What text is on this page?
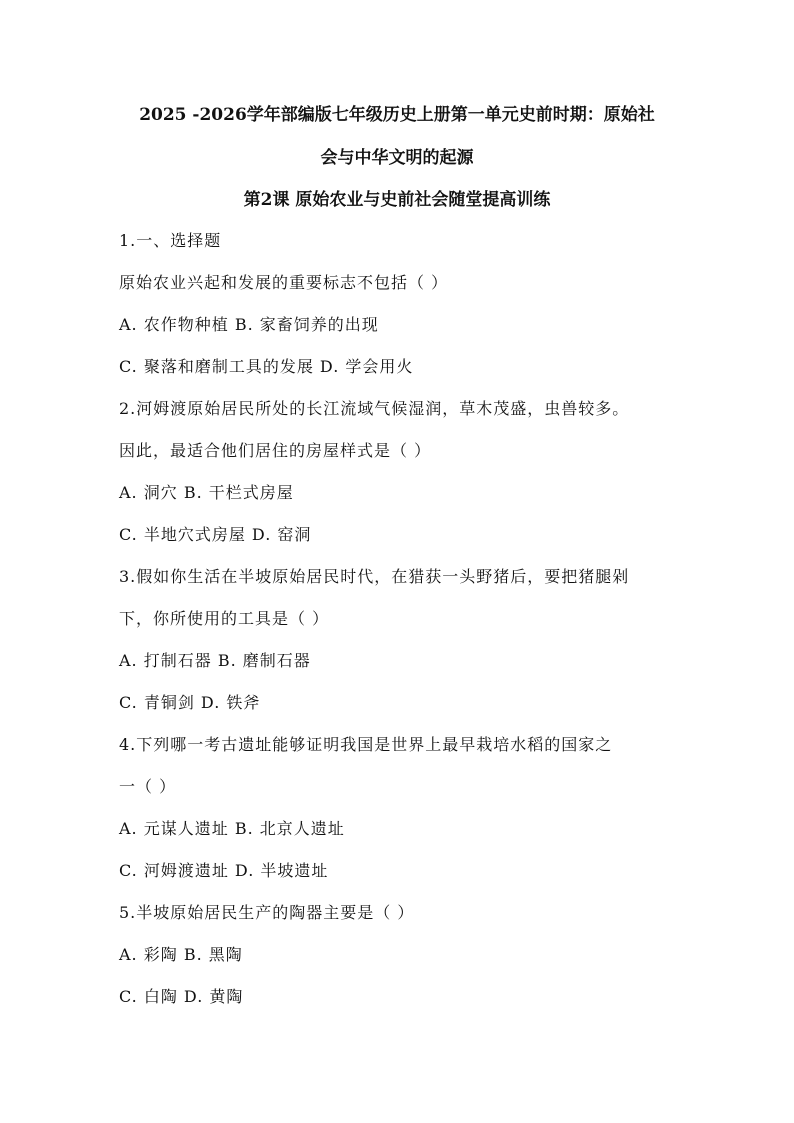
2025 -2026学年部编版七年级历史上册第一单元史前时期：原始社
会与中华文明的起源
第2课 原始农业与史前社会随堂提高训练
1.一、选择题
原始农业兴起和发展的重要标志不包括（ ）
A. 农作物种植 B. 家畜饲养的出现
C. 聚落和磨制工具的发展 D. 学会用火
2.河姆渡原始居民所处的长江流域气候湿润，草木茂盛，虫兽较多。
因此，最适合他们居住的房屋样式是（ ）
A. 洞穴 B. 干栏式房屋
C. 半地穴式房屋 D. 窑洞
3.假如你生活在半坡原始居民时代，在猎获一头野猪后，要把猪腿剁
下，你所使用的工具是（ ）
A. 打制石器 B. 磨制石器
C. 青铜剑 D. 铁斧
4.下列哪一考古遗址能够证明我国是世界上最早栽培水稻的国家之
一（ ）
A. 元谋人遗址 B. 北京人遗址
C. 河姆渡遗址 D. 半坡遗址
5.半坡原始居民生产的陶器主要是（ ）
A. 彩陶 B. 黑陶
C. 白陶 D. 黄陶
